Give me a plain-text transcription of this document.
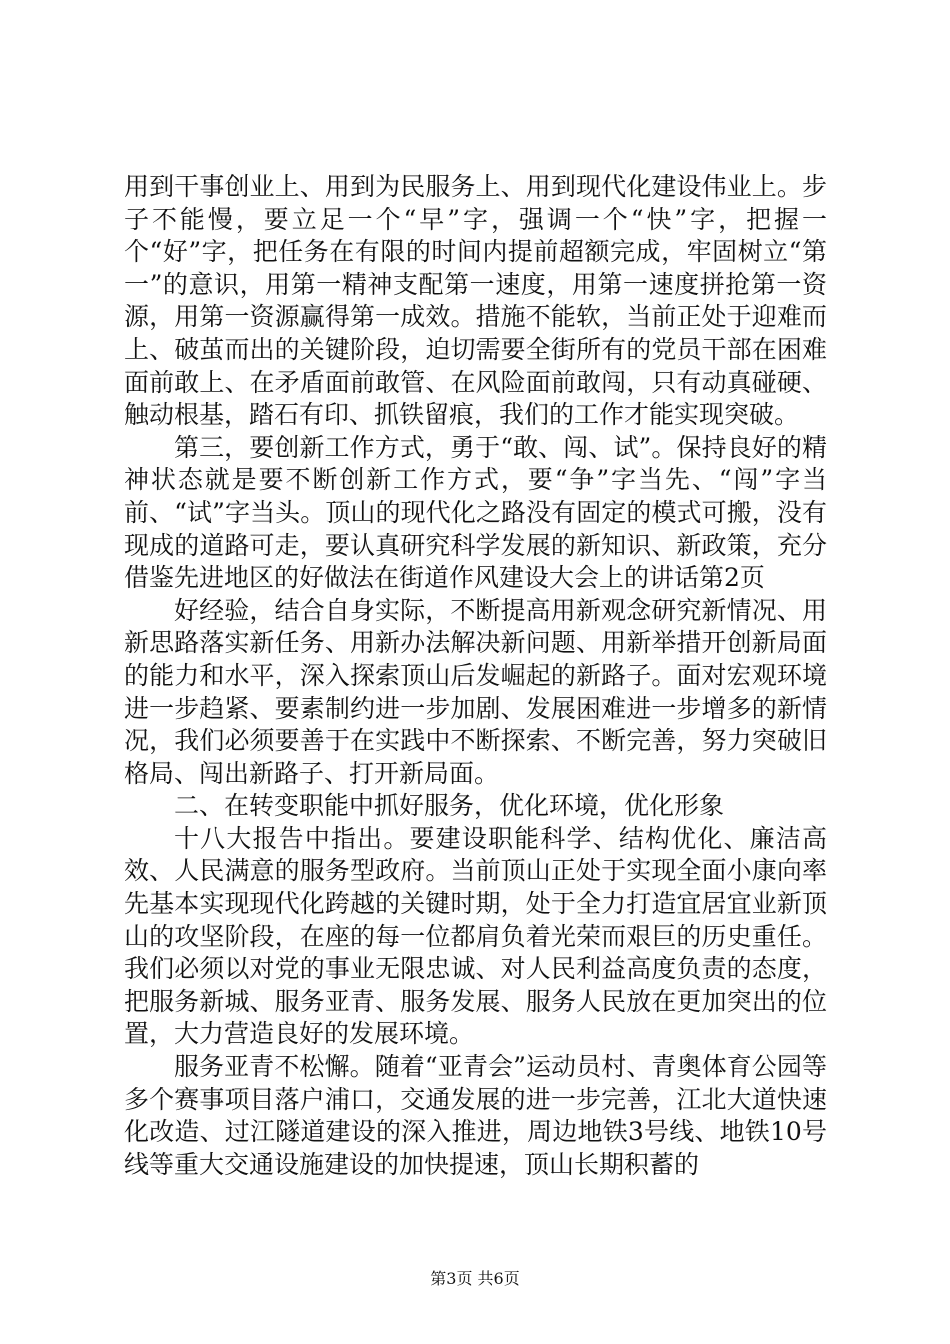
用到干事创业上、用到为民服务上、用到现代化建设伟业上。步子不能慢，要立足一个“早”字，强调一个“快”字，把握一个“好”字，把任务在有限的时间内提前超额完成，牢固树立“第一”的意识，用第一精神支配第一速度，用第一速度拼抢第一资源，用第一资源赢得第一成效。措施不能软，当前正处于迎难而上、破茧而出的关键阶段，迫切需要全街所有的党员干部在困难面前敢上、在矛盾面前敢管、在风险面前敢闯，只有动真碰硬、触动根基，踏石有印、抓铁留痕，我们的工作才能实现突破。

第三，要创新工作方式，勇于“敢、闯、试”。保持良好的精神状态就是要不断创新工作方式，要“争”字当先、“闯”字当前、“试”字当头。顶山的现代化之路没有固定的模式可搬，没有现成的道路可走，要认真研究科学发展的新知识、新政策，充分借鉴先进地区的好做法在街道作风建设大会上的讲话第2页

好经验，结合自身实际，不断提高用新观念研究新情况、用新思路落实新任务、用新办法解决新问题、用新举措开创新局面的能力和水平，深入探索顶山后发崛起的新路子。面对宏观环境进一步趋紧、要素制约进一步加剧、发展困难进一步增多的新情况，我们必须要善于在实践中不断探索、不断完善，努力突破旧格局、闯出新路子、打开新局面。

二、在转变职能中抓好服务，优化环境，优化形象

十八大报告中指出。要建设职能科学、结构优化、廉洁高效、人民满意的服务型政府。当前顶山正处于实现全面小康向率先基本实现现代化跨越的关键时期，处于全力打造宜居宜业新顶山的攻坚阶段，在座的每一位都肩负着光荣而艰巨的历史重任。我们必须以对党的事业无限忠诚、对人民利益高度负责的态度，把服务新城、服务亚青、服务发展、服务人民放在更加突出的位置，大力营造良好的发展环境。

服务亚青不松懈。随着“亚青会”运动员村、青奥体育公园等多个赛事项目落户浦口，交通发展的进一步完善，江北大道快速化改造、过江隧道建设的深入推进，周边地铁3号线、地铁10号线等重大交通设施建设的加快提速，顶山长期积蓄的

第3页 共6页
